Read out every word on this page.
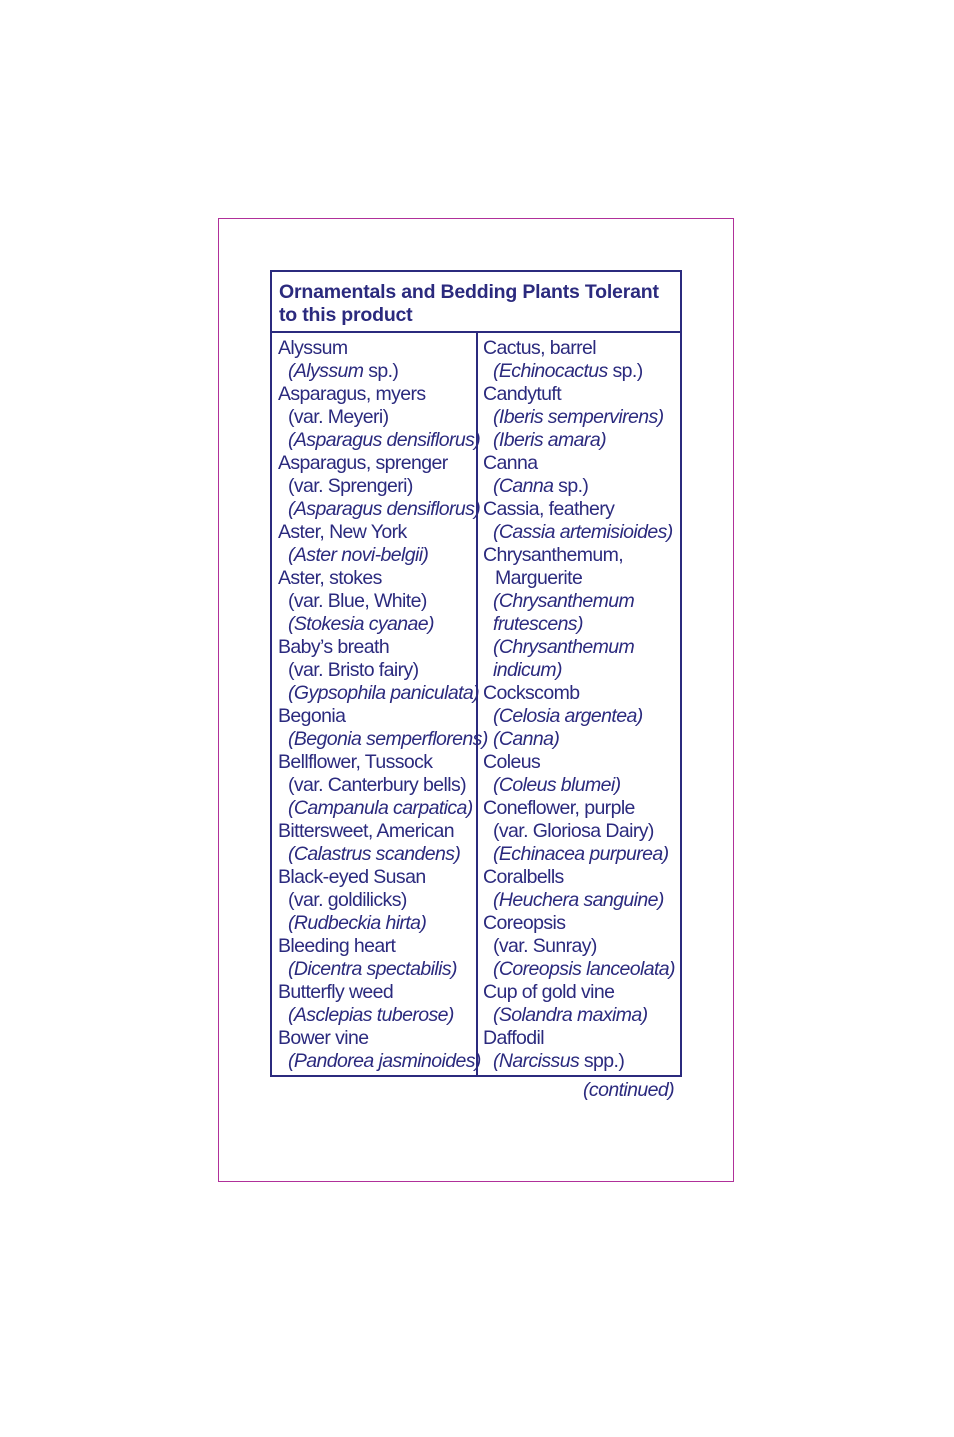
Ornamentals and Bedding Plants Tolerant
to this product
Alyssum
(Alyssum sp.)
Asparagus, myers
(var. Meyeri)
(Asparagus densiflorus)
Asparagus, sprenger
(var. Sprengeri)
(Asparagus densiflorus)
Aster, New York
(Aster novi-belgii)
Aster, stokes
(var. Blue, White)
(Stokesia cyanae)
Baby’s breath
(var. Bristo fairy)
(Gypsophila paniculata)
Begonia
(Begonia semperflorens)
Bellflower, Tussock
(var. Canterbury bells)
(Campanula carpatica)
Bittersweet, American
(Calastrus scandens)
Black-eyed Susan
(var. goldilicks)
(Rudbeckia hirta)
Bleeding heart
(Dicentra spectabilis)
Butterfly weed
(Asclepias tuberose)
Bower vine
(Pandorea jasminoides)
Cactus, barrel
(Echinocactus sp.)
Candytuft
(Iberis sempervirens)
(Iberis amara)
Canna
(Canna sp.)
Cassia, feathery
(Cassia artemisioides)
Chrysanthemum,
Marguerite
(Chrysanthemum
frutescens)
(Chrysanthemum
indicum)
Cockscomb
(Celosia argentea)
(Canna)
Coleus
(Coleus blumei)
Coneflower, purple
(var. Gloriosa Dairy)
(Echinacea purpurea)
Coralbells
(Heuchera sanguine)
Coreopsis
(var. Sunray)
(Coreopsis lanceolata)
Cup of gold vine
(Solandra maxima)
Daffodil
(Narcissus spp.)
(continued)
